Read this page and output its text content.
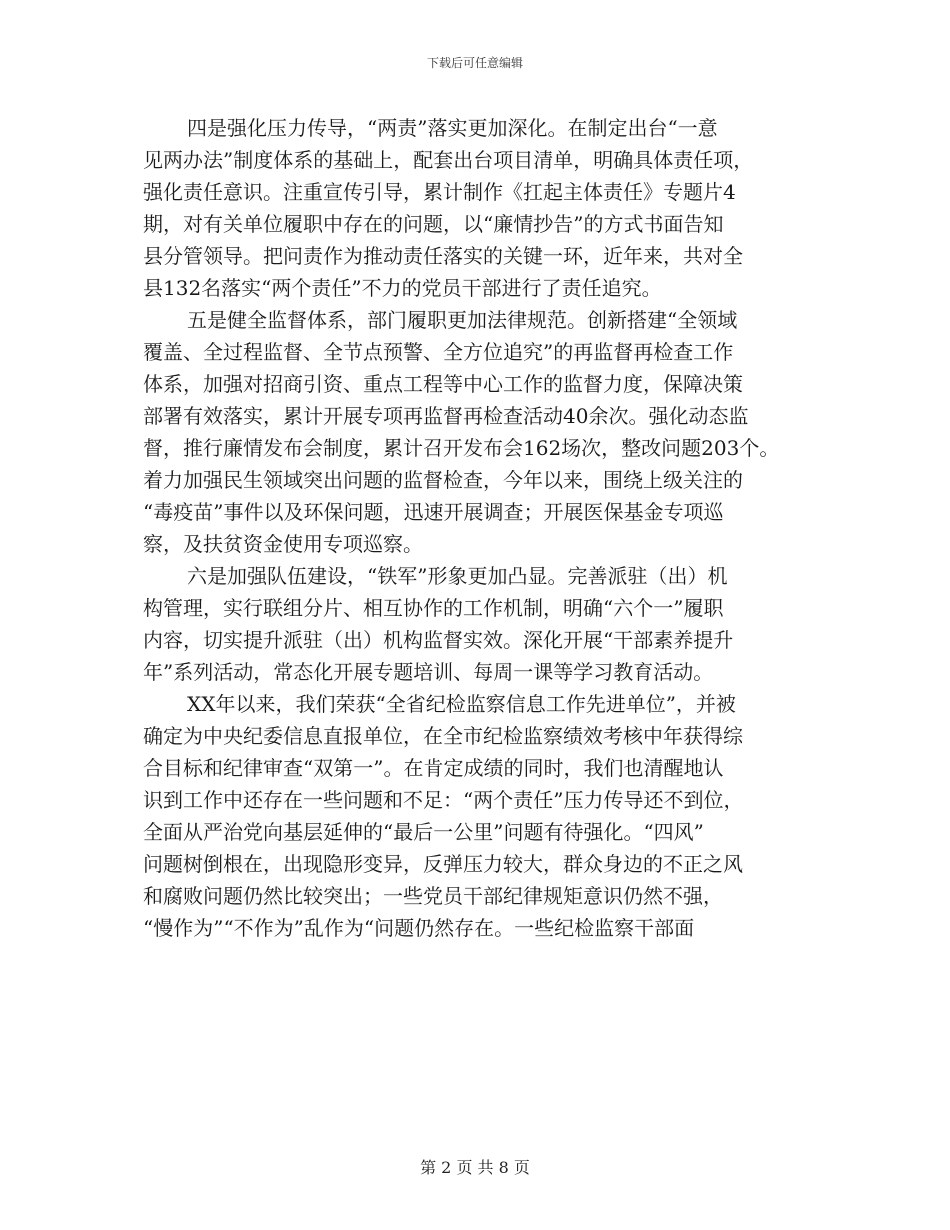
下载后可任意编辑

四是强化压力传导，“两责”落实更加深化。在制定出台“一意
见两办法”制度体系的基础上，配套出台项目清单，明确具体责任项，
强化责任意识。注重宣传引导，累计制作《扛起主体责任》专题片4
期，对有关单位履职中存在的问题，以“廉情抄告”的方式书面告知
县分管领导。把问责作为推动责任落实的关键一环，近年来，共对全
县132名落实“两个责任”不力的党员干部进行了责任追究。

五是健全监督体系，部门履职更加法律规范。创新搭建“全领域
覆盖、全过程监督、全节点预警、全方位追究”的再监督再检查工作
体系，加强对招商引资、重点工程等中心工作的监督力度，保障决策
部署有效落实，累计开展专项再监督再检查活动40余次。强化动态监
督，推行廉情发布会制度，累计召开发布会162场次，整改问题203个。
着力加强民生领域突出问题的监督检查，今年以来，围绕上级关注的
“毒疫苗”事件以及环保问题，迅速开展调查；开展医保基金专项巡
察，及扶贫资金使用专项巡察。

六是加强队伍建设，“铁军”形象更加凸显。完善派驻（出）机
构管理，实行联组分片、相互协作的工作机制，明确“六个一”履职
内容，切实提升派驻（出）机构监督实效。深化开展“干部素养提升
年”系列活动，常态化开展专题培训、每周一课等学习教育活动。

XX年以来，我们荣获“全省纪检监察信息工作先进单位”，并被
确定为中央纪委信息直报单位，在全市纪检监察绩效考核中年获得综
合目标和纪律审查“双第一”。在肯定成绩的同时，我们也清醒地认
识到工作中还存在一些问题和不足：“两个责任”压力传导还不到位，
全面从严治党向基层延伸的“最后一公里”问题有待强化。“四风”
问题树倒根在，出现隐形变异，反弹压力较大，群众身边的不正之风
和腐败问题仍然比较突出；一些党员干部纪律规矩意识仍然不强，
“慢作为”“不作为”乱作为“问题仍然存在。一些纪检监察干部面

第 2 页 共 8 页
